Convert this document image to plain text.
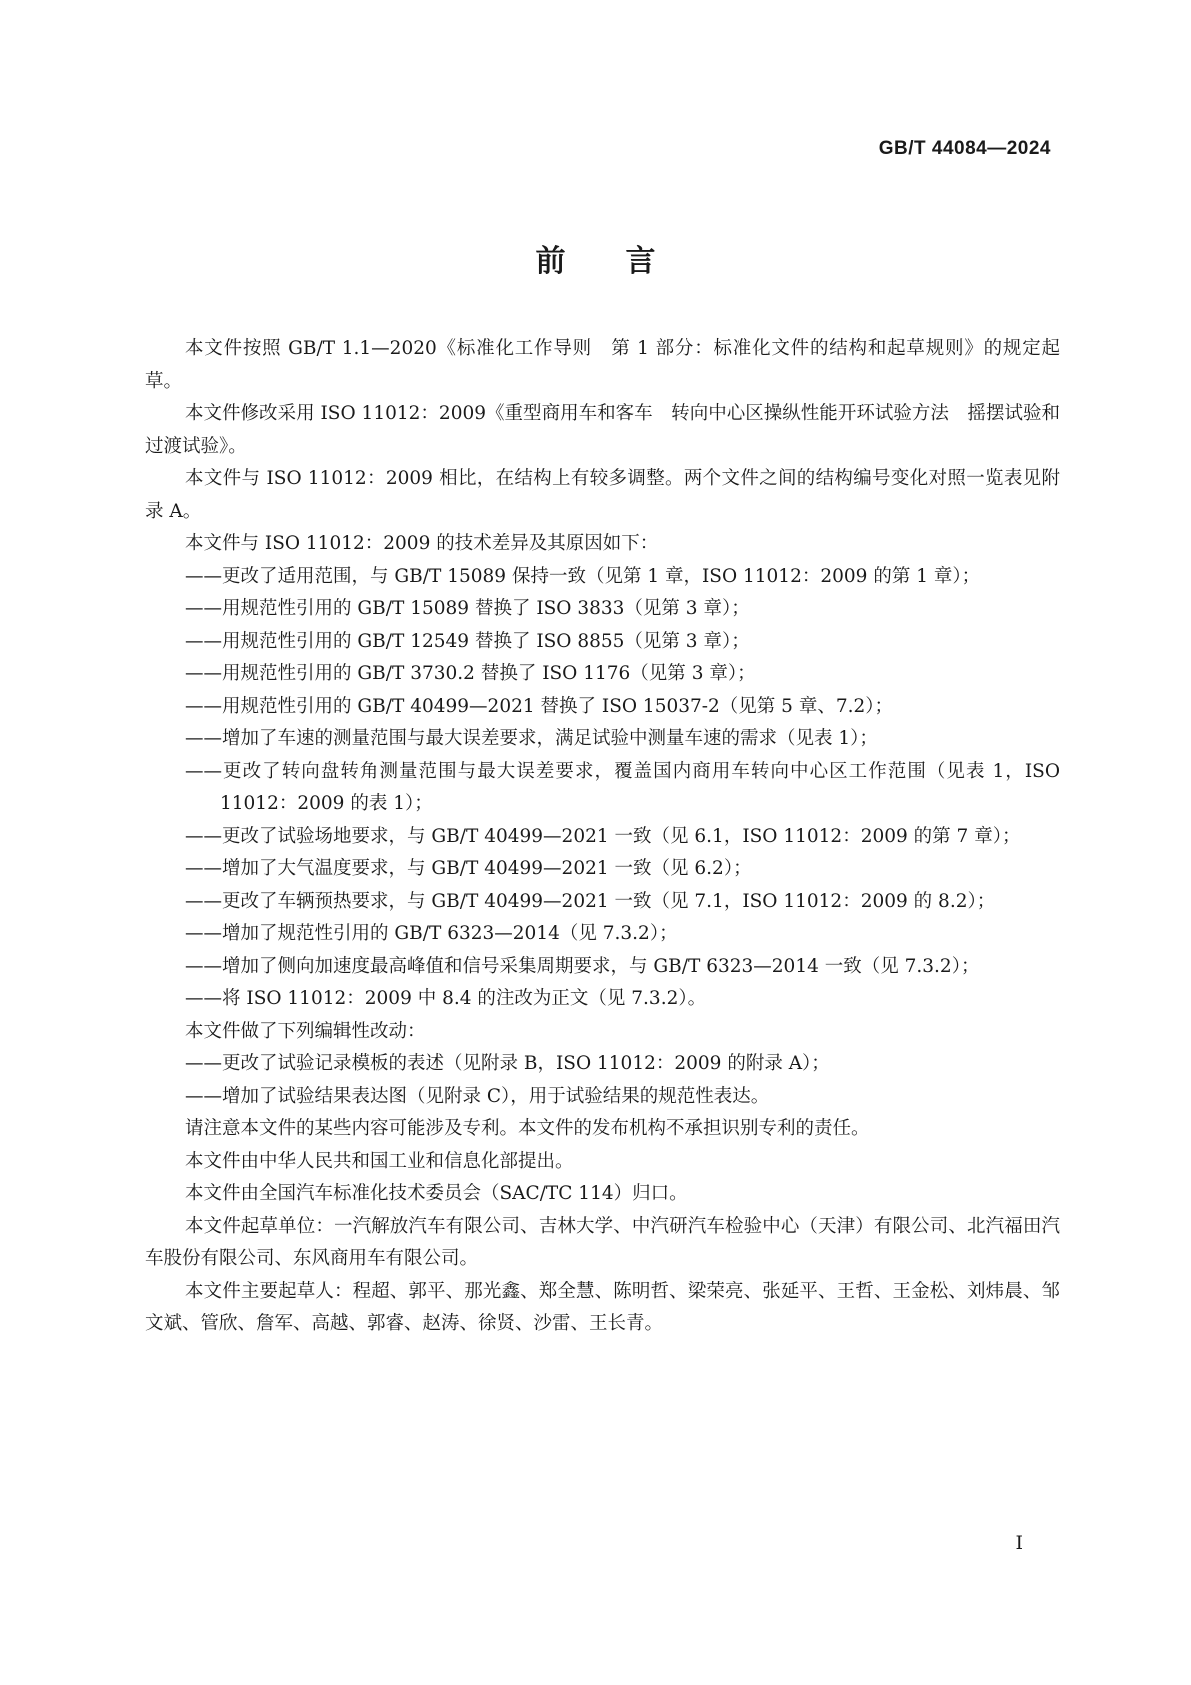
GB/T 44084—2024
前言

本文件按照 GB/T 1.1—2020《标准化工作导则　第 1 部分：标准化文件的结构和起草规则》的规定起草。

本文件修改采用 ISO 11012：2009《重型商用车和客车　转向中心区操纵性能开环试验方法　摇摆试验和过渡试验》。

本文件与 ISO 11012：2009 相比，在结构上有较多调整。两个文件之间的结构编号变化对照一览表见附录 A。

本文件与 ISO 11012：2009 的技术差异及其原因如下：

——更改了适用范围，与 GB/T 15089 保持一致（见第 1 章，ISO 11012：2009 的第 1 章）；

——用规范性引用的 GB/T 15089 替换了 ISO 3833（见第 3 章）；

——用规范性引用的 GB/T 12549 替换了 ISO 8855（见第 3 章）；

——用规范性引用的 GB/T 3730.2 替换了 ISO 1176（见第 3 章）；

——用规范性引用的 GB/T 40499—2021 替换了 ISO 15037-2（见第 5 章、7.2）；

——增加了车速的测量范围与最大误差要求，满足试验中测量车速的需求（见表 1）；

——更改了转向盘转角测量范围与最大误差要求，覆盖国内商用车转向中心区工作范围（见表 1，ISO 11012：2009 的表 1）；

——更改了试验场地要求，与 GB/T 40499—2021 一致（见 6.1，ISO 11012：2009 的第 7 章）；

——增加了大气温度要求，与 GB/T 40499—2021 一致（见 6.2）；

——更改了车辆预热要求，与 GB/T 40499—2021 一致（见 7.1，ISO 11012：2009 的 8.2）；

——增加了规范性引用的 GB/T 6323—2014（见 7.3.2）；

——增加了侧向加速度最高峰值和信号采集周期要求，与 GB/T 6323—2014 一致（见 7.3.2）；

——将 ISO 11012：2009 中 8.4 的注改为正文（见 7.3.2）。

本文件做了下列编辑性改动：

——更改了试验记录模板的表述（见附录 B，ISO 11012：2009 的附录 A）；

——增加了试验结果表达图（见附录 C），用于试验结果的规范性表达。

请注意本文件的某些内容可能涉及专利。本文件的发布机构不承担识别专利的责任。

本文件由中华人民共和国工业和信息化部提出。

本文件由全国汽车标准化技术委员会（SAC/TC 114）归口。

本文件起草单位：一汽解放汽车有限公司、吉林大学、中汽研汽车检验中心（天津）有限公司、北汽福田汽车股份有限公司、东风商用车有限公司。

本文件主要起草人：程超、郭平、那光鑫、郑全慧、陈明哲、梁荣亮、张延平、王哲、王金松、刘炜晨、邹文斌、管欣、詹军、高越、郭睿、赵涛、徐贤、沙雷、王长青。

I
